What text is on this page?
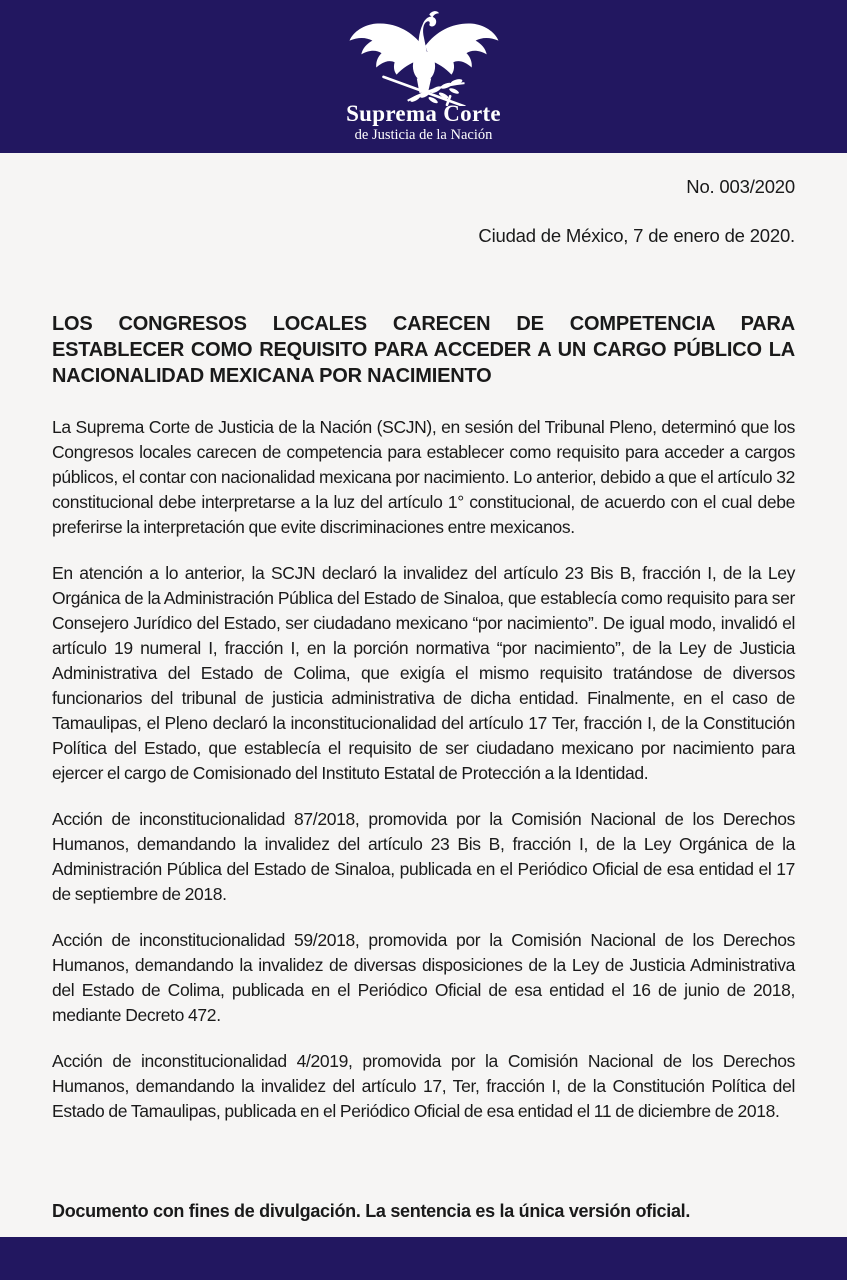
Suprema Corte
de Justicia de la Nación
No. 003/2020
Ciudad de México, 7 de enero de 2020.
LOS CONGRESOS LOCALES CARECEN DE COMPETENCIA PARA ESTABLECER COMO REQUISITO PARA ACCEDER A UN CARGO PÚBLICO LA NACIONALIDAD MEXICANA POR NACIMIENTO

La Suprema Corte de Justicia de la Nación (SCJN), en sesión del Tribunal Pleno, determinó que los Congresos locales carecen de competencia para establecer como requisito para acceder a cargos públicos, el contar con nacionalidad mexicana por nacimiento. Lo anterior, debido a que el artículo 32 constitucional debe interpretarse a la luz del artículo 1° constitucional, de acuerdo con el cual debe preferirse la interpretación que evite discriminaciones entre mexicanos.

En atención a lo anterior, la SCJN declaró la invalidez del artículo 23 Bis B, fracción I, de la Ley Orgánica de la Administración Pública del Estado de Sinaloa, que establecía como requisito para ser Consejero Jurídico del Estado, ser ciudadano mexicano “por nacimiento”. De igual modo, invalidó el artículo 19 numeral I, fracción I, en la porción normativa “por nacimiento”, de la Ley de Justicia Administrativa del Estado de Colima, que exigía el mismo requisito tratándose de diversos funcionarios del tribunal de justicia administrativa de dicha entidad. Finalmente, en el caso de Tamaulipas, el Pleno declaró la inconstitucionalidad del artículo 17 Ter, fracción I, de la Constitución Política del Estado, que establecía el requisito de ser ciudadano mexicano por nacimiento para ejercer el cargo de Comisionado del Instituto Estatal de Protección a la Identidad.

Acción de inconstitucionalidad 87/2018, promovida por la Comisión Nacional de los Derechos Humanos, demandando la invalidez del artículo 23 Bis B, fracción I, de la Ley Orgánica de la Administración Pública del Estado de Sinaloa, publicada en el Periódico Oficial de esa entidad el 17 de septiembre de 2018.

Acción de inconstitucionalidad 59/2018, promovida por la Comisión Nacional de los Derechos Humanos, demandando la invalidez de diversas disposiciones de la Ley de Justicia Administrativa del Estado de Colima, publicada en el Periódico Oficial de esa entidad el 16 de junio de 2018, mediante Decreto 472.

Acción de inconstitucionalidad 4/2019, promovida por la Comisión Nacional de los Derechos Humanos, demandando la invalidez del artículo 17, Ter, fracción I, de la Constitución Política del Estado de Tamaulipas, publicada en el Periódico Oficial de esa entidad el 11 de diciembre de 2018.

Documento con fines de divulgación. La sentencia es la única versión oficial.
